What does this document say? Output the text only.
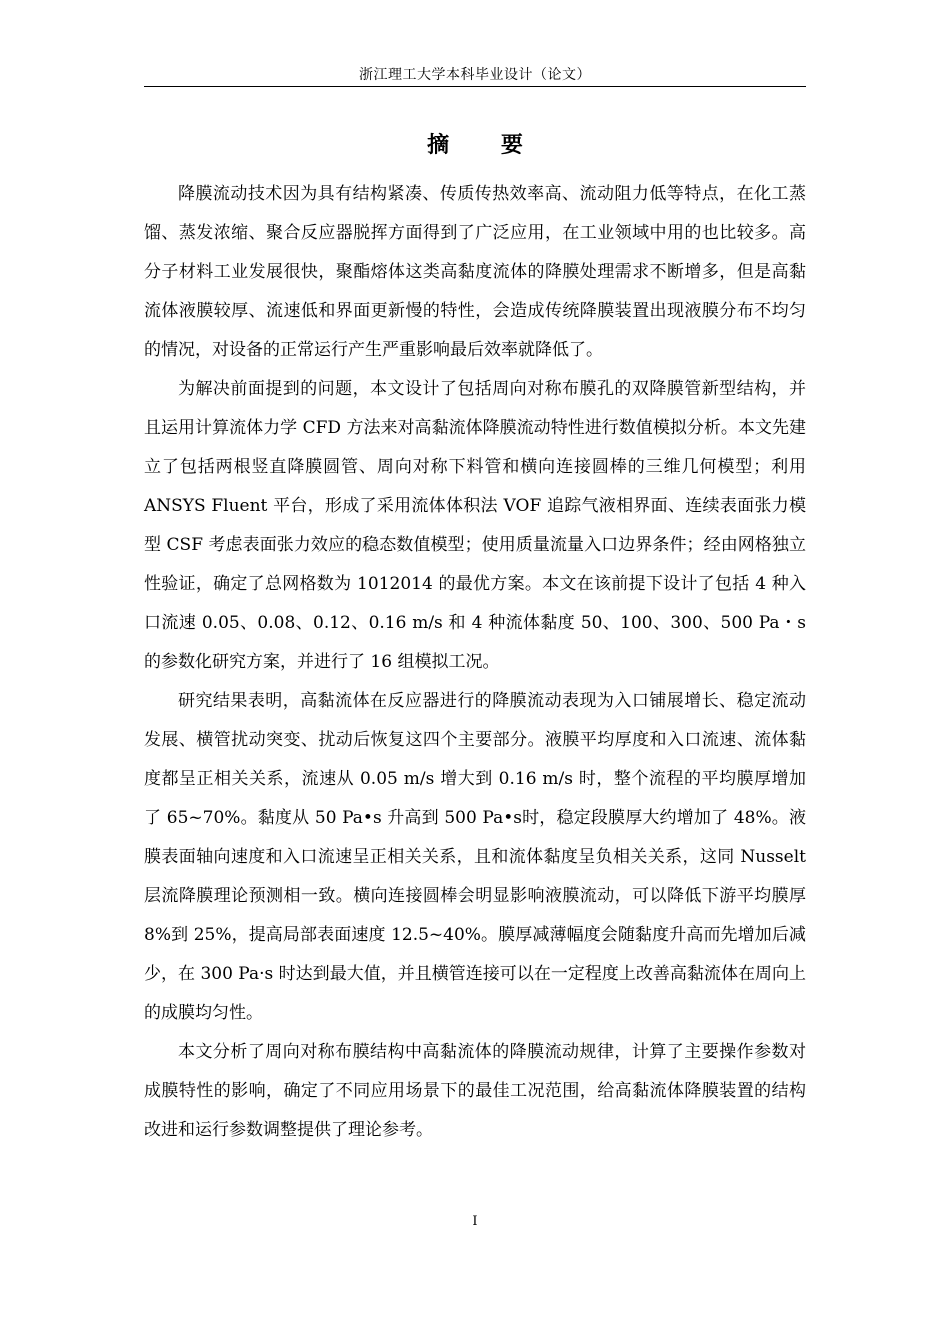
浙江理工大学本科毕业设计（论文）
摘 要

降膜流动技术因为具有结构紧凑、传质传热效率高、流动阻力低等特点，在化工蒸馏、蒸发浓缩、聚合反应器脱挥方面得到了广泛应用，在工业领域中用的也比较多。高分子材料工业发展很快，聚酯熔体这类高黏度流体的降膜处理需求不断增多，但是高黏流体液膜较厚、流速低和界面更新慢的特性，会造成传统降膜装置出现液膜分布不均匀的情况，对设备的正常运行产生严重影响最后效率就降低了。

为解决前面提到的问题，本文设计了包括周向对称布膜孔的双降膜管新型结构，并且运用计算流体力学 CFD 方法来对高黏流体降膜流动特性进行数值模拟分析。本文先建立了包括两根竖直降膜圆管、周向对称下料管和横向连接圆棒的三维几何模型；利用 ANSYS Fluent 平台，形成了采用流体体积法 VOF 追踪气液相界面、连续表面张力模型 CSF 考虑表面张力效应的稳态数值模型；使用质量流量入口边界条件；经由网格独立性验证，确定了总网格数为 1012014 的最优方案。本文在该前提下设计了包括 4 种入口流速 0.05、0.08、0.12、0.16 m/s 和 4 种流体黏度 50、100、300、500 Pa・s 的参数化研究方案，并进行了 16 组模拟工况。

研究结果表明，高黏流体在反应器进行的降膜流动表现为入口铺展增长、稳定流动发展、横管扰动突变、扰动后恢复这四个主要部分。液膜平均厚度和入口流速、流体黏度都呈正相关关系，流速从 0.05 m/s 增大到 0.16 m/s 时，整个流程的平均膜厚增加了 65~70%。黏度从 50 Pa•s 升高到 500 Pa•s时，稳定段膜厚大约增加了 48%。液膜表面轴向速度和入口流速呈正相关关系，且和流体黏度呈负相关关系，这同 Nusselt 层流降膜理论预测相一致。横向连接圆棒会明显影响液膜流动，可以降低下游平均膜厚 8%到 25%，提高局部表面速度 12.5~40%。膜厚减薄幅度会随黏度升高而先增加后减少，在 300 Pa·s 时达到最大值，并且横管连接可以在一定程度上改善高黏流体在周向上的成膜均匀性。

本文分析了周向对称布膜结构中高黏流体的降膜流动规律，计算了主要操作参数对成膜特性的影响，确定了不同应用场景下的最佳工况范围，给高黏流体降膜装置的结构改进和运行参数调整提供了理论参考。

I
